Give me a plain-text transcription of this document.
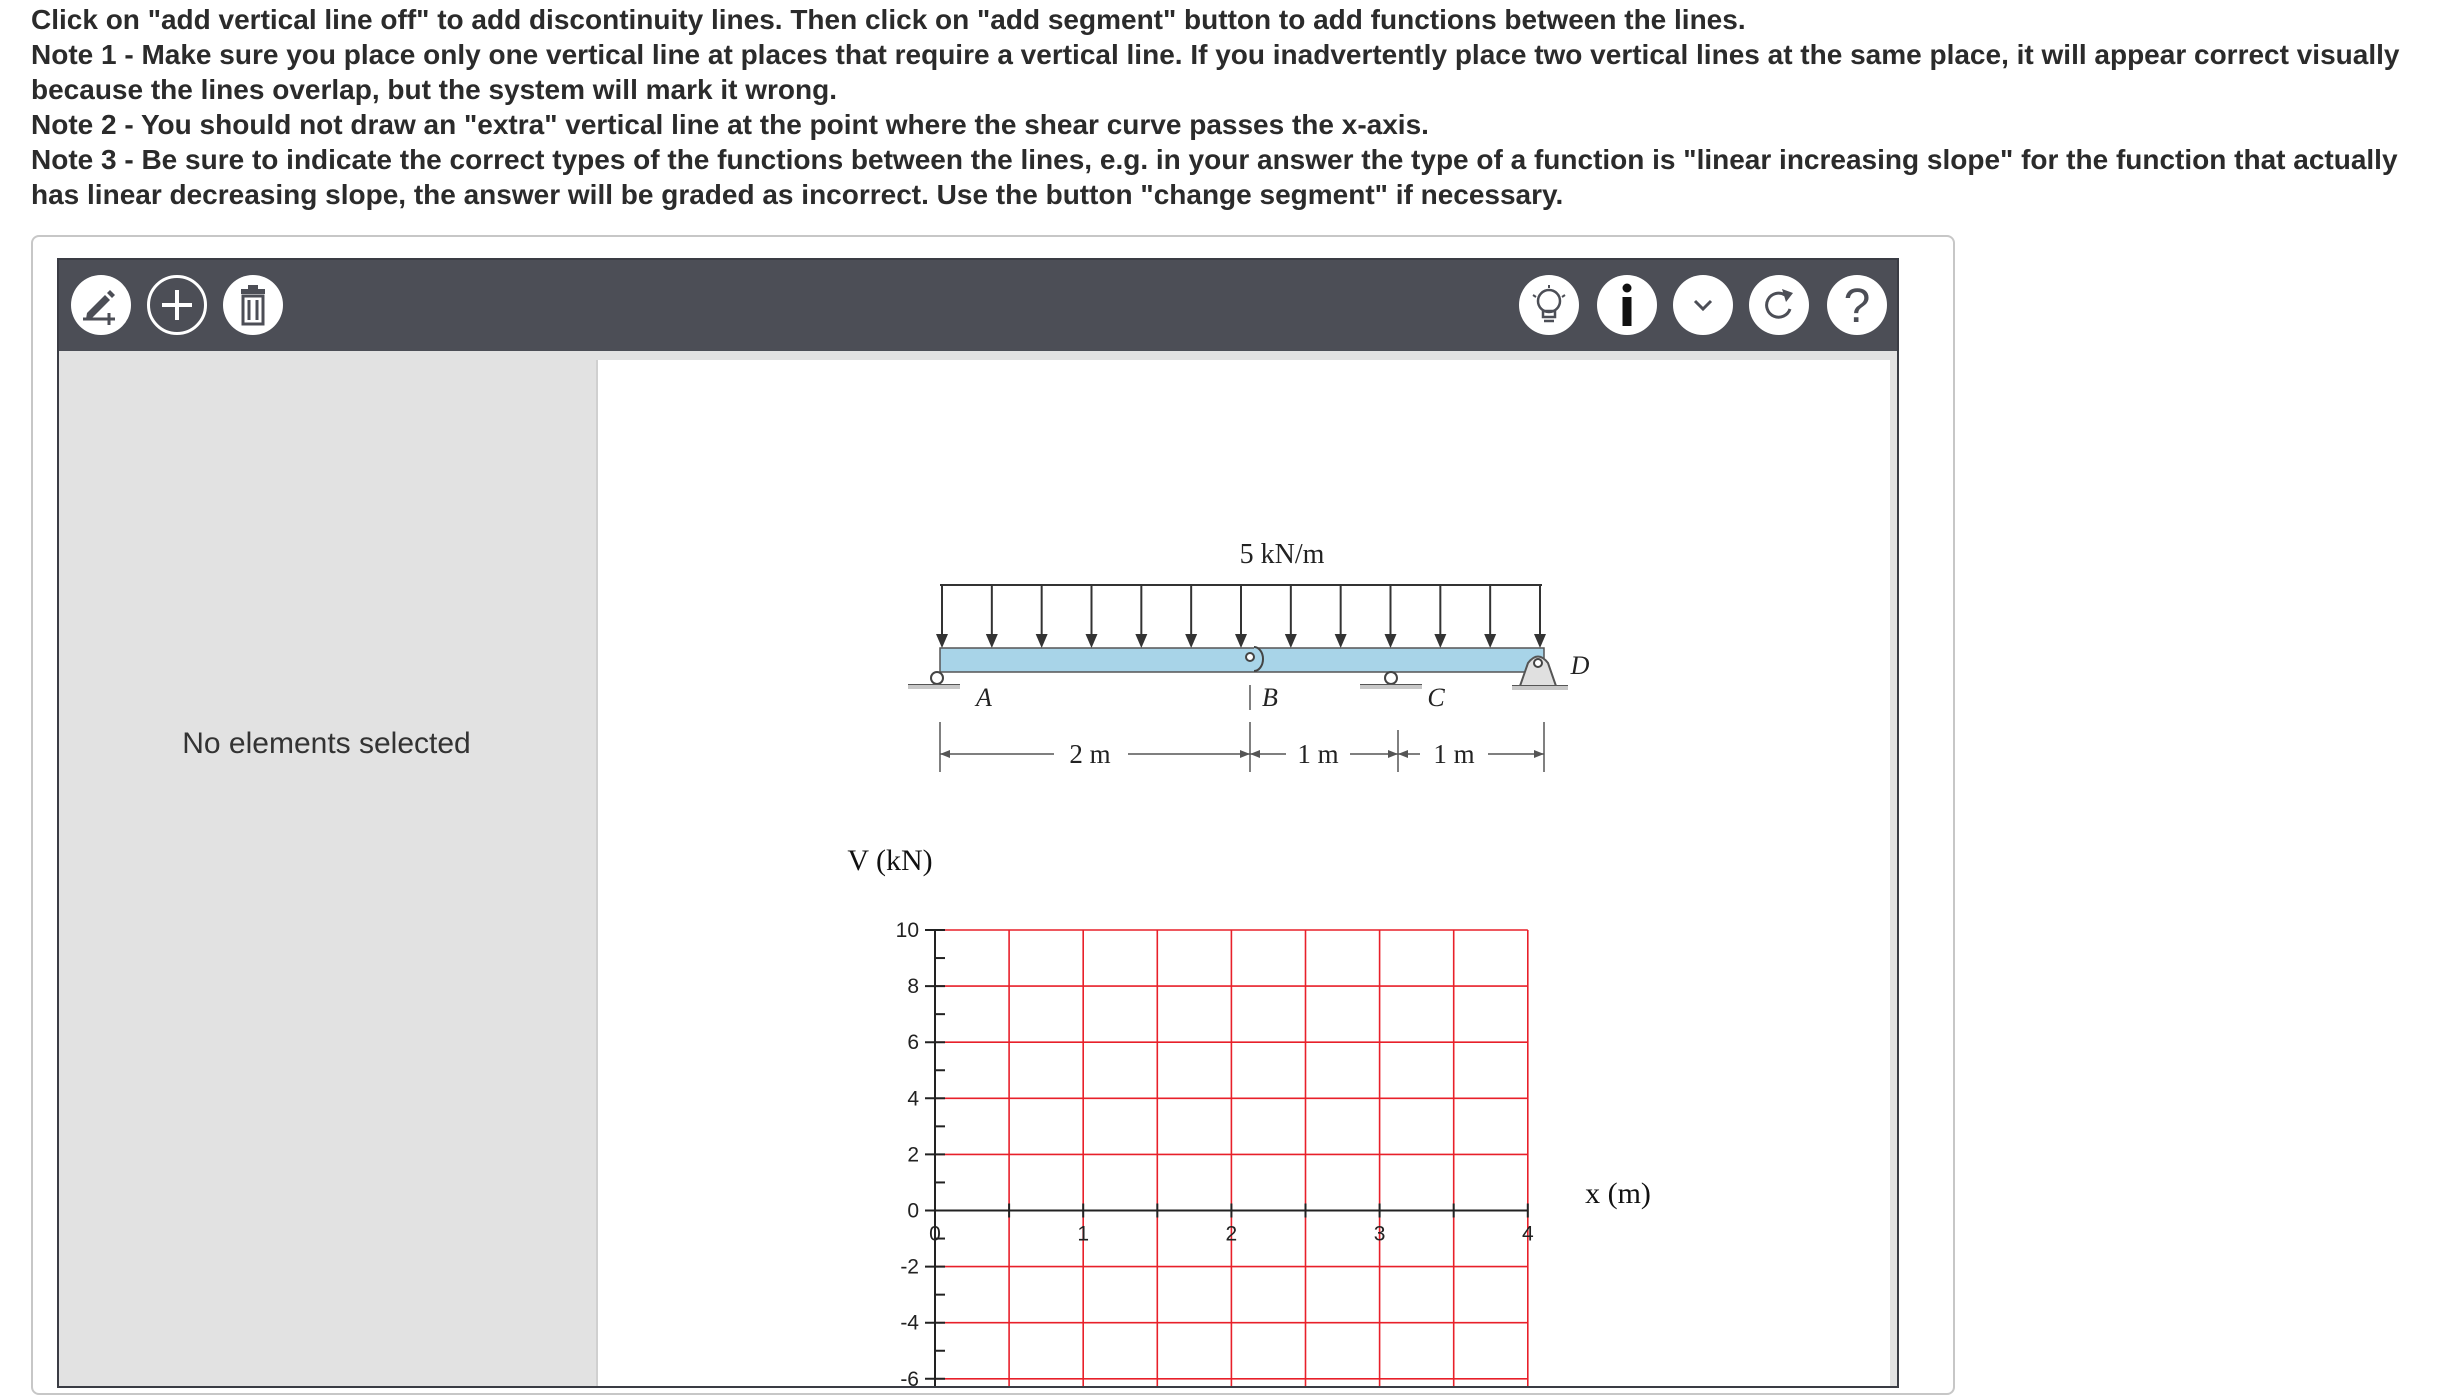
Click on "add vertical line off" to add discontinuity lines. Then click on "add segment" button to add functions between the lines.

Note 1 - Make sure you place only one vertical line at places that require a vertical line. If you inadvertently place two vertical lines at the same place, it will appear correct visually

because the lines overlap, but the system will mark it wrong.

Note 2 - You should not draw an "extra" vertical line at the point where the shear curve passes the x-axis.

Note 3 - Be sure to indicate the correct types of the functions between the lines, e.g. in your answer the type of a function is "linear increasing slope" for the function that actually

has linear decreasing slope, the answer will be graded as incorrect. Use the button "change segment" if necessary.

?
No elements selected
5 kN/m
A	B	C
D
2 m	1 m	1 m
V (kN)
x (m)
10
8
6
4
2
0
-2
-4
-6
0	1	2	3	4
